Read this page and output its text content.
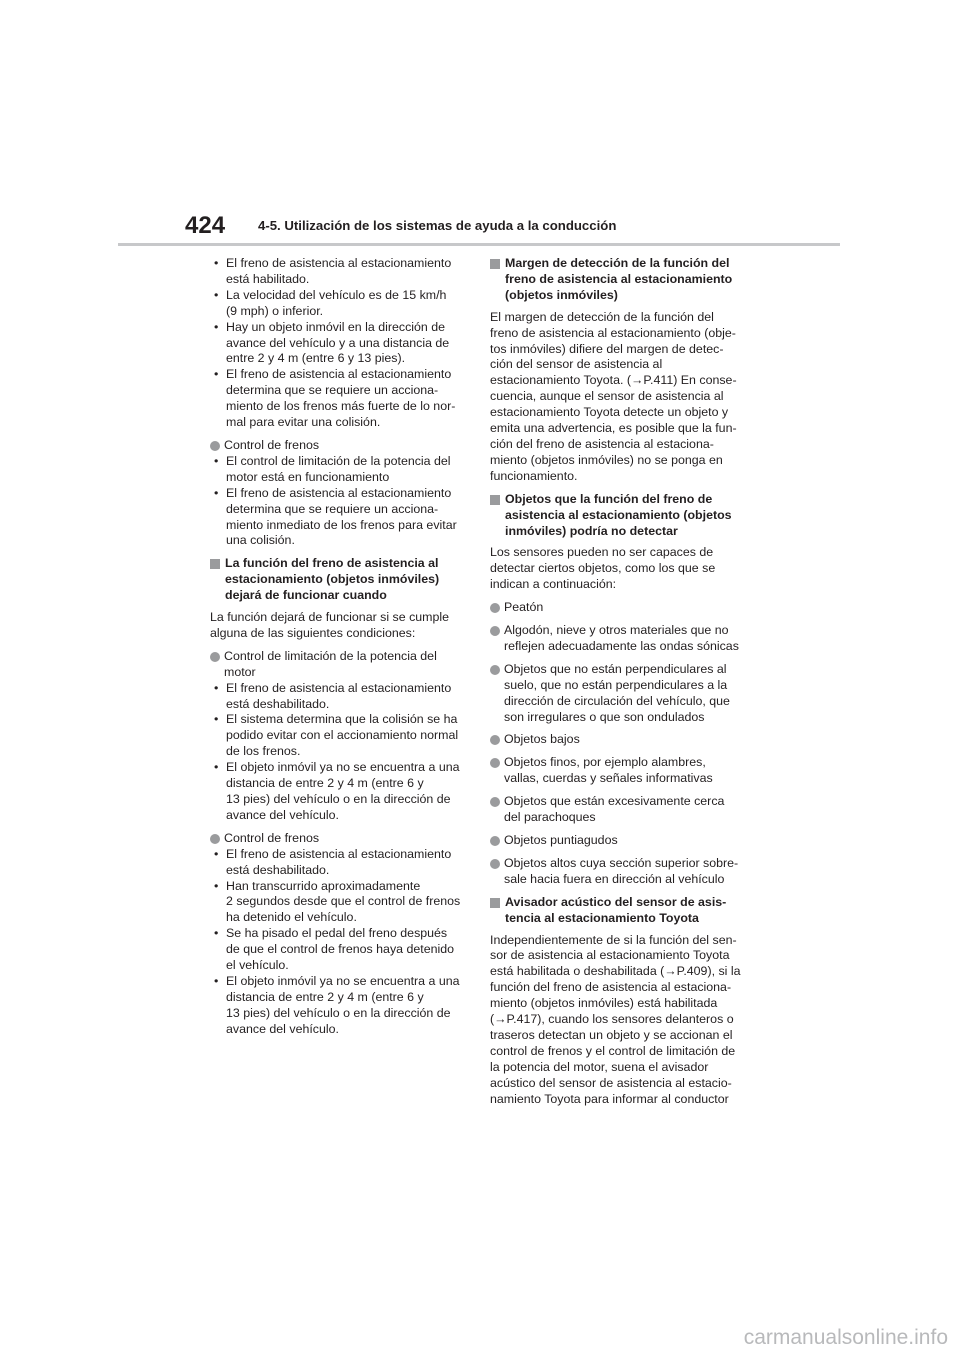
424 4-5. Utilización de los sistemas de ayuda a la conducción
• El freno de asistencia al estacionamiento
está habilitado.
• La velocidad del vehículo es de 15 km/h
(9 mph) o inferior.
• Hay un objeto inmóvil en la dirección de
avance del vehículo y a una distancia de
entre 2 y 4 m (entre 6 y 13 pies).
• El freno de asistencia al estacionamiento
determina que se requiere un acciona-
miento de los frenos más fuerte de lo nor-
mal para evitar una colisión.
Control de frenos
• El control de limitación de la potencia del
motor está en funcionamiento
• El freno de asistencia al estacionamiento
determina que se requiere un acciona-
miento inmediato de los frenos para evitar
una colisión.
La función del freno de asistencia al
estacionamiento (objetos inmóviles)
dejará de funcionar cuando
La función dejará de funcionar si se cumple
alguna de las siguientes condiciones:
Control de limitación de la potencia del
motor
• El freno de asistencia al estacionamiento
está deshabilitado.
• El sistema determina que la colisión se ha
podido evitar con el accionamiento normal
de los frenos.
• El objeto inmóvil ya no se encuentra a una
distancia de entre 2 y 4 m (entre 6 y
13 pies) del vehículo o en la dirección de
avance del vehículo.
Control de frenos
• El freno de asistencia al estacionamiento
está deshabilitado.
• Han transcurrido aproximadamente
2 segundos desde que el control de frenos
ha detenido el vehículo.
• Se ha pisado el pedal del freno después
de que el control de frenos haya detenido
el vehículo.
• El objeto inmóvil ya no se encuentra a una
distancia de entre 2 y 4 m (entre 6 y
13 pies) del vehículo o en la dirección de
avance del vehículo.
Margen de detección de la función del
freno de asistencia al estacionamiento
(objetos inmóviles)
El margen de detección de la función del
freno de asistencia al estacionamiento (obje-
tos inmóviles) difiere del margen de detec-
ción del sensor de asistencia al
estacionamiento Toyota. (→P.411) En conse-
cuencia, aunque el sensor de asistencia al
estacionamiento Toyota detecte un objeto y
emita una advertencia, es posible que la fun-
ción del freno de asistencia al estaciona-
miento (objetos inmóviles) no se ponga en
funcionamiento.
Objetos que la función del freno de
asistencia al estacionamiento (objetos
inmóviles) podría no detectar
Los sensores pueden no ser capaces de
detectar ciertos objetos, como los que se
indican a continuación:
Peatón
Algodón, nieve y otros materiales que no
reflejen adecuadamente las ondas sónicas
Objetos que no están perpendiculares al
suelo, que no están perpendiculares a la
dirección de circulación del vehículo, que
son irregulares o que son ondulados
Objetos bajos
Objetos finos, por ejemplo alambres,
vallas, cuerdas y señales informativas
Objetos que están excesivamente cerca
del parachoques
Objetos puntiagudos
Objetos altos cuya sección superior sobre-
sale hacia fuera en dirección al vehículo
Avisador acústico del sensor de asis-
tencia al estacionamiento Toyota
Independientemente de si la función del sen-
sor de asistencia al estacionamiento Toyota
está habilitada o deshabilitada (→P.409), si la
función del freno de asistencia al estaciona-
miento (objetos inmóviles) está habilitada
(→P.417), cuando los sensores delanteros o
traseros detectan un objeto y se accionan el
control de frenos y el control de limitación de
la potencia del motor, suena el avisador
acústico del sensor de asistencia al estacio-
namiento Toyota para informar al conductor
carmanualsonline.info
